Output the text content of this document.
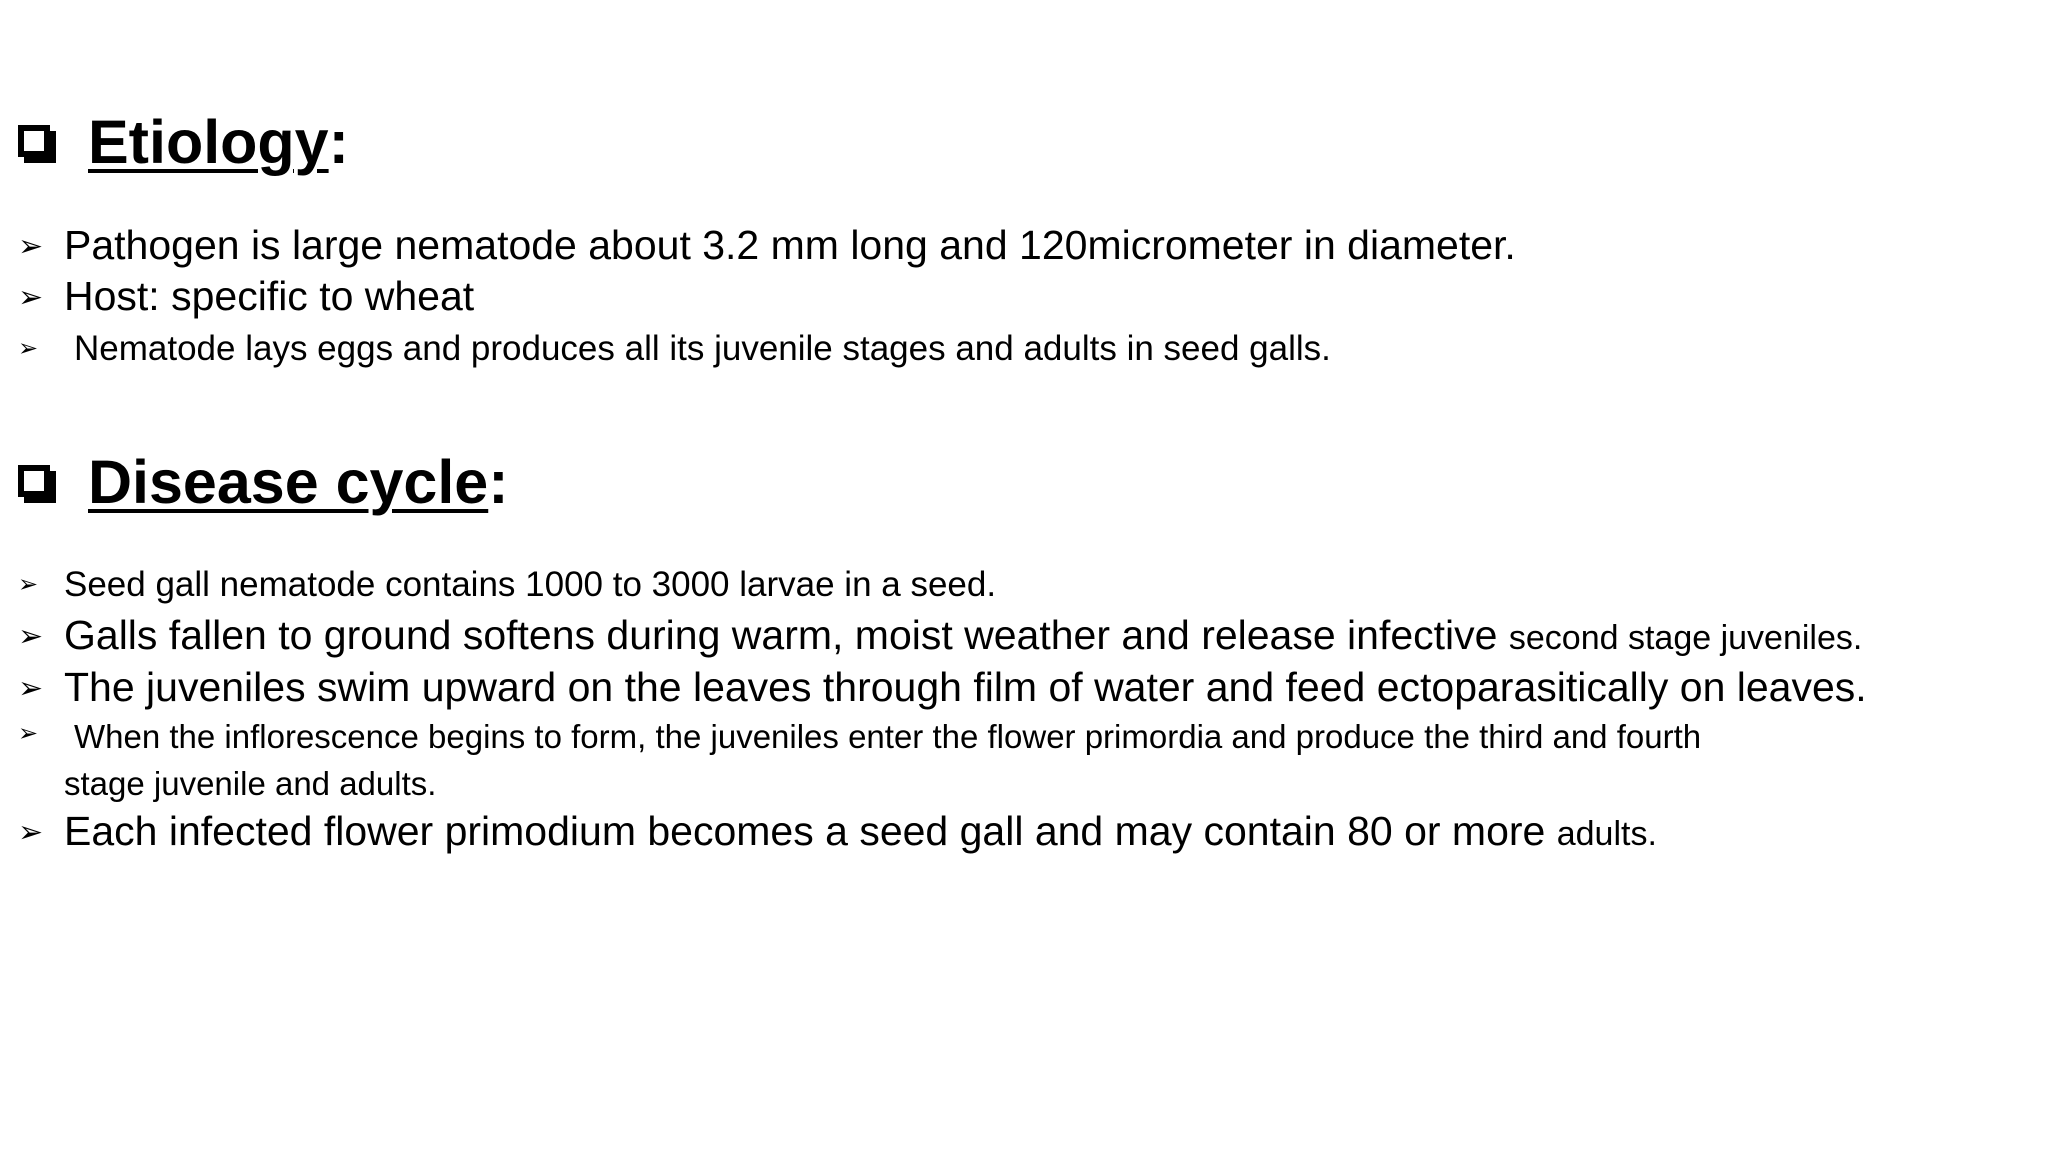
Etiology :
➢ Pathogen is large nematode about 3.2 mm long and 120micrometer in diameter.
➢ Host: specific to wheat
➢ Nematode lays eggs and produces all its juvenile stages and adults in seed galls.
Disease cycle :
➢ Seed gall nematode contains 1000 to 3000 larvae in a seed.
➢ Galls fallen to ground softens during warm, moist weather and release infective second stage juveniles.
➢ The juveniles swim upward on the leaves through film of water and feed ectoparasitically on leaves.
➢	When the inflorescence begins to form, the juveniles enter the flower primordia and produce the third and fourth
stage juvenile and adults.
➢ Each infected flower primodium becomes a seed gall and may contain 80 or more adults.
